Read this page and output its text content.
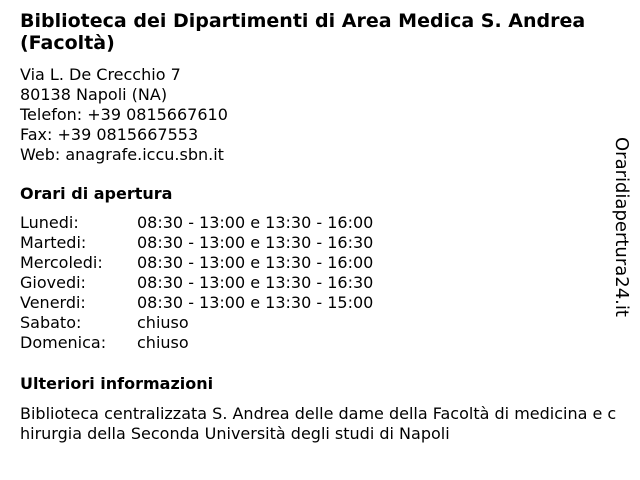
Biblioteca dei Dipartimenti di Area Medica S. Andrea (Facoltà)
Via L. De Crecchio 7
80138 Napoli (NA)
Telefon: +39 0815667610
Fax: +39 0815667553
Web: anagrafe.iccu.sbn.it
Orari di apertura
Lunedi:	08:30 - 13:00 e 13:30 - 16:00
Martedi:	08:30 - 13:00 e 13:30 - 16:30
Mercoledi:	08:30 - 13:00 e 13:30 - 16:00
Giovedi:	08:30 - 13:00 e 13:30 - 16:30
Venerdi:	08:30 - 13:00 e 13:30 - 15:00
Sabato:	chiuso
Domenica:	chiuso
Ulteriori informazioni
Biblioteca centralizzata S. Andrea delle dame della Facoltà di medicina e chirurgia della Seconda Università degli studi di Napoli
Oraridiapertura24.it
